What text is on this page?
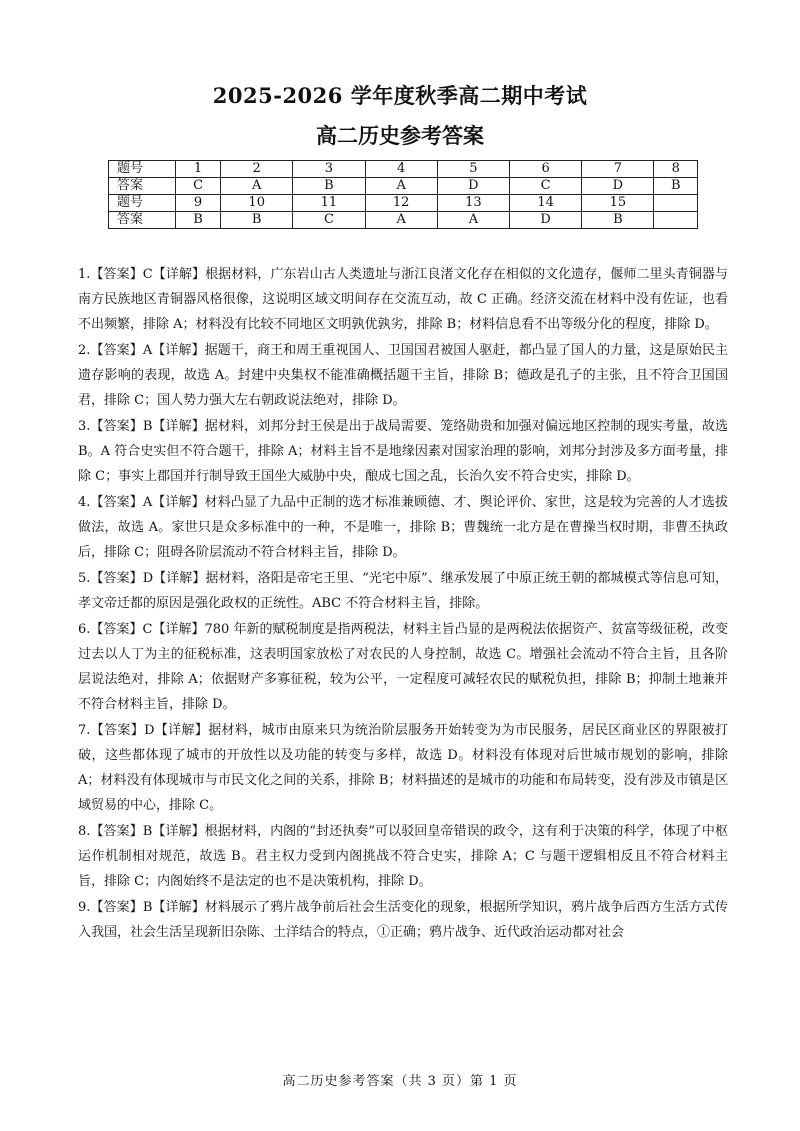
2025-2026 学年度秋季高二期中考试
高二历史参考答案
题号	1	2	3	4	5	6	7	8
答案	C	A	B	A	D	C	D	B
题号	9	10	11	12	13	14	15	
答案	B	B	C	A	A	D	B	

1.【答案】C【详解】根据材料，广东岩山古人类遗址与浙江良渚文化存在相似的文化遗存，偃师二里头青铜器与南方民族地区青铜器风格很像，这说明区域文明间存在交流互动，故 C 正确。经济交流在材料中没有佐证，也看不出频繁，排除 A；材料没有比较不同地区文明孰优孰劣，排除 B；材料信息看不出等级分化的程度，排除 D。

2.【答案】A【详解】据题干，商王和周王重视国人、卫国国君被国人驱赶，都凸显了国人的力量，这是原始民主遗存影响的表现，故选 A。封建中央集权不能准确概括题干主旨，排除 B；德政是孔子的主张，且不符合卫国国君，排除 C；国人势力强大左右朝政说法绝对，排除 D。

3.【答案】B【详解】据材料，刘邦分封王侯是出于战局需要、笼络勋贵和加强对偏远地区控制的现实考量，故选 B。A 符合史实但不符合题干，排除 A；材料主旨不是地缘因素对国家治理的影响，刘邦分封涉及多方面考量，排除 C；事实上郡国并行制导致王国坐大威胁中央，酿成七国之乱，长治久安不符合史实，排除 D。

4.【答案】A【详解】材料凸显了九品中正制的选才标准兼顾德、才、舆论评价、家世，这是较为完善的人才选拔做法，故选 A。家世只是众多标准中的一种，不是唯一，排除 B；曹魏统一北方是在曹操当权时期，非曹丕执政后，排除 C；阻碍各阶层流动不符合材料主旨，排除 D。

5.【答案】D【详解】据材料，洛阳是帝宅王里、“光宅中原”、继承发展了中原正统王朝的都城模式等信息可知，孝文帝迁都的原因是强化政权的正统性。ABC 不符合材料主旨，排除。

6.【答案】C【详解】780 年新的赋税制度是指两税法，材料主旨凸显的是两税法依据资产、贫富等级征税，改变过去以人丁为主的征税标准，这表明国家放松了对农民的人身控制，故选 C。增强社会流动不符合主旨，且各阶层说法绝对，排除 A；依据财产多寡征税，较为公平，一定程度可减轻农民的赋税负担，排除 B；抑制土地兼并不符合材料主旨，排除 D。

7.【答案】D【详解】据材料，城市由原来只为统治阶层服务开始转变为为市民服务，居民区商业区的界限被打破，这些都体现了城市的开放性以及功能的转变与多样，故选 D。材料没有体现对后世城市规划的影响，排除 A；材料没有体现城市与市民文化之间的关系，排除 B；材料描述的是城市的功能和布局转变，没有涉及市镇是区域贸易的中心，排除 C。

8.【答案】B【详解】根据材料，内阁的“封还执奏”可以驳回皇帝错误的政令，这有利于决策的科学，体现了中枢运作机制相对规范，故选 B。君主权力受到内阁挑战不符合史实，排除 A；C 与题干逻辑相反且不符合材料主旨，排除 C；内阁始终不是法定的也不是决策机构，排除 D。

9.【答案】B【详解】材料展示了鸦片战争前后社会生活变化的现象，根据所学知识，鸦片战争后西方生活方式传入我国，社会生活呈现新旧杂陈、土洋结合的特点，①正确；鸦片战争、近代政治运动都对社会

高二历史参考答案（共 3 页）第 1 页
